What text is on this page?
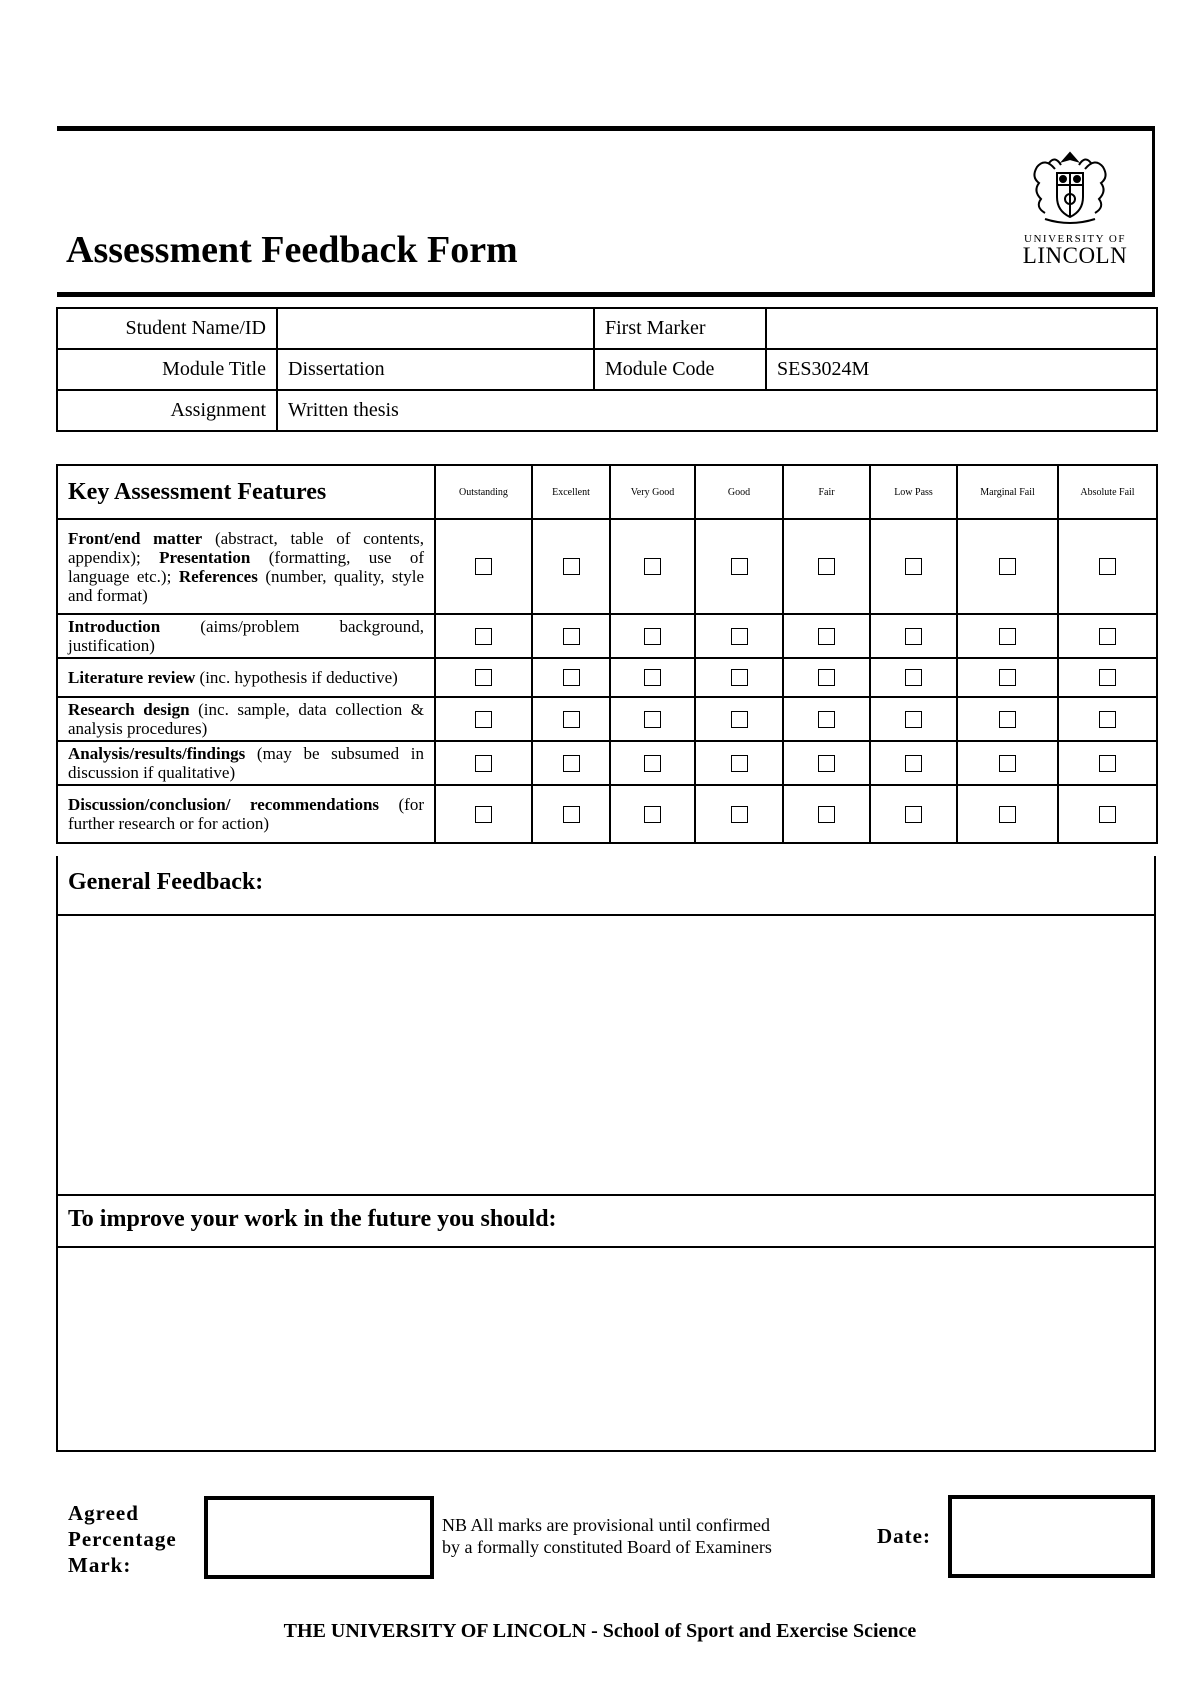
Assessment Feedback Form	UNIVERSITY OF
LINCOLN
Student Name/ID		First Marker	
Module Title	Dissertation	Module Code	SES3024M
Assignment	Written thesis		
Key Assessment Features	Outstanding	Excellent	Very Good	Good	Fair	Low Pass	Marginal Fail	Absolute Fail
Front/end matter (abstract, table of contents, appendix); Presentation (formatting, use of language etc.); References (number, quality, style and format)								
Introduction (aims/problem background, justification)								
Literature review (inc. hypothesis if deductive)								
Research design (inc. sample, data collection & analysis procedures)								
Analysis/results/findings (may be subsumed in discussion if qualitative)								
Discussion/conclusion/ recommendations (for further research or for action)								
General Feedback:
To improve your work in the future you should:
Agreed
Percentage
Mark:
NB All marks are provisional until confirmed
by a formally constituted Board of Examiners	Date:
THE UNIVERSITY OF LINCOLN - School of Sport and Exercise Science
